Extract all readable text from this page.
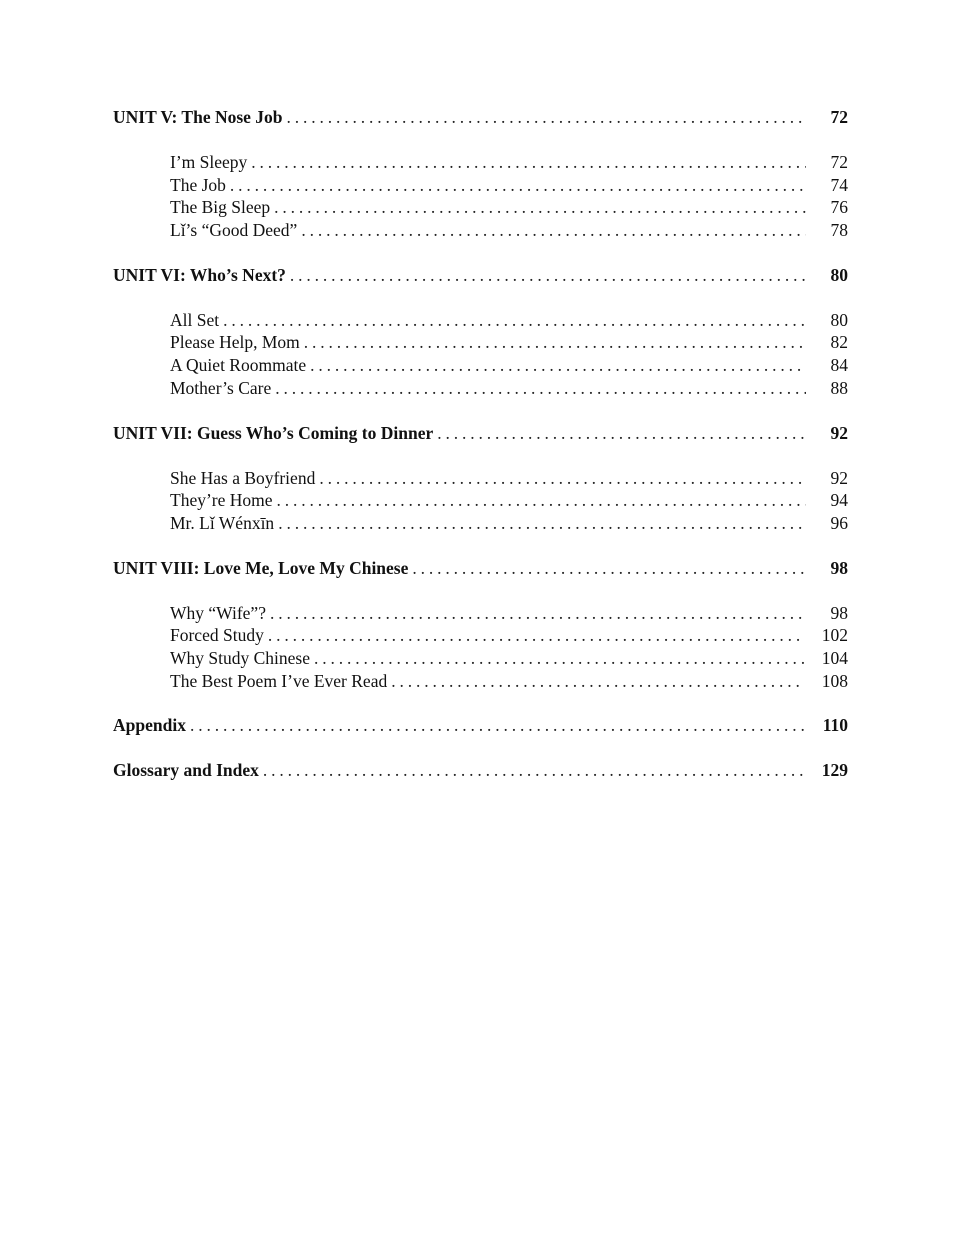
UNIT V: The Nose Job . . .	72
I’m Sleepy . . .	72
The Job . . .	74
The Big Sleep . . .	76
Lǐ’s “Good Deed” . . .	78
UNIT VI: Who’s Next? . . .	80
All Set . . .	80
Please Help, Mom . . .	82
A Quiet Roommate . . .	84
Mother’s Care . . .	88
UNIT VII: Guess Who’s Coming to Dinner . . .	92
She Has a Boyfriend . . .	92
They’re Home . . .	94
Mr. Lǐ Wénxīn . . .	96
UNIT VIII: Love Me, Love My Chinese . . .	98
Why “Wife”? . . .	98
Forced Study . . .	102
Why Study Chinese . . .	104
The Best Poem I’ve Ever Read . . .	108
Appendix . . .	110
Glossary and Index . . .	129
